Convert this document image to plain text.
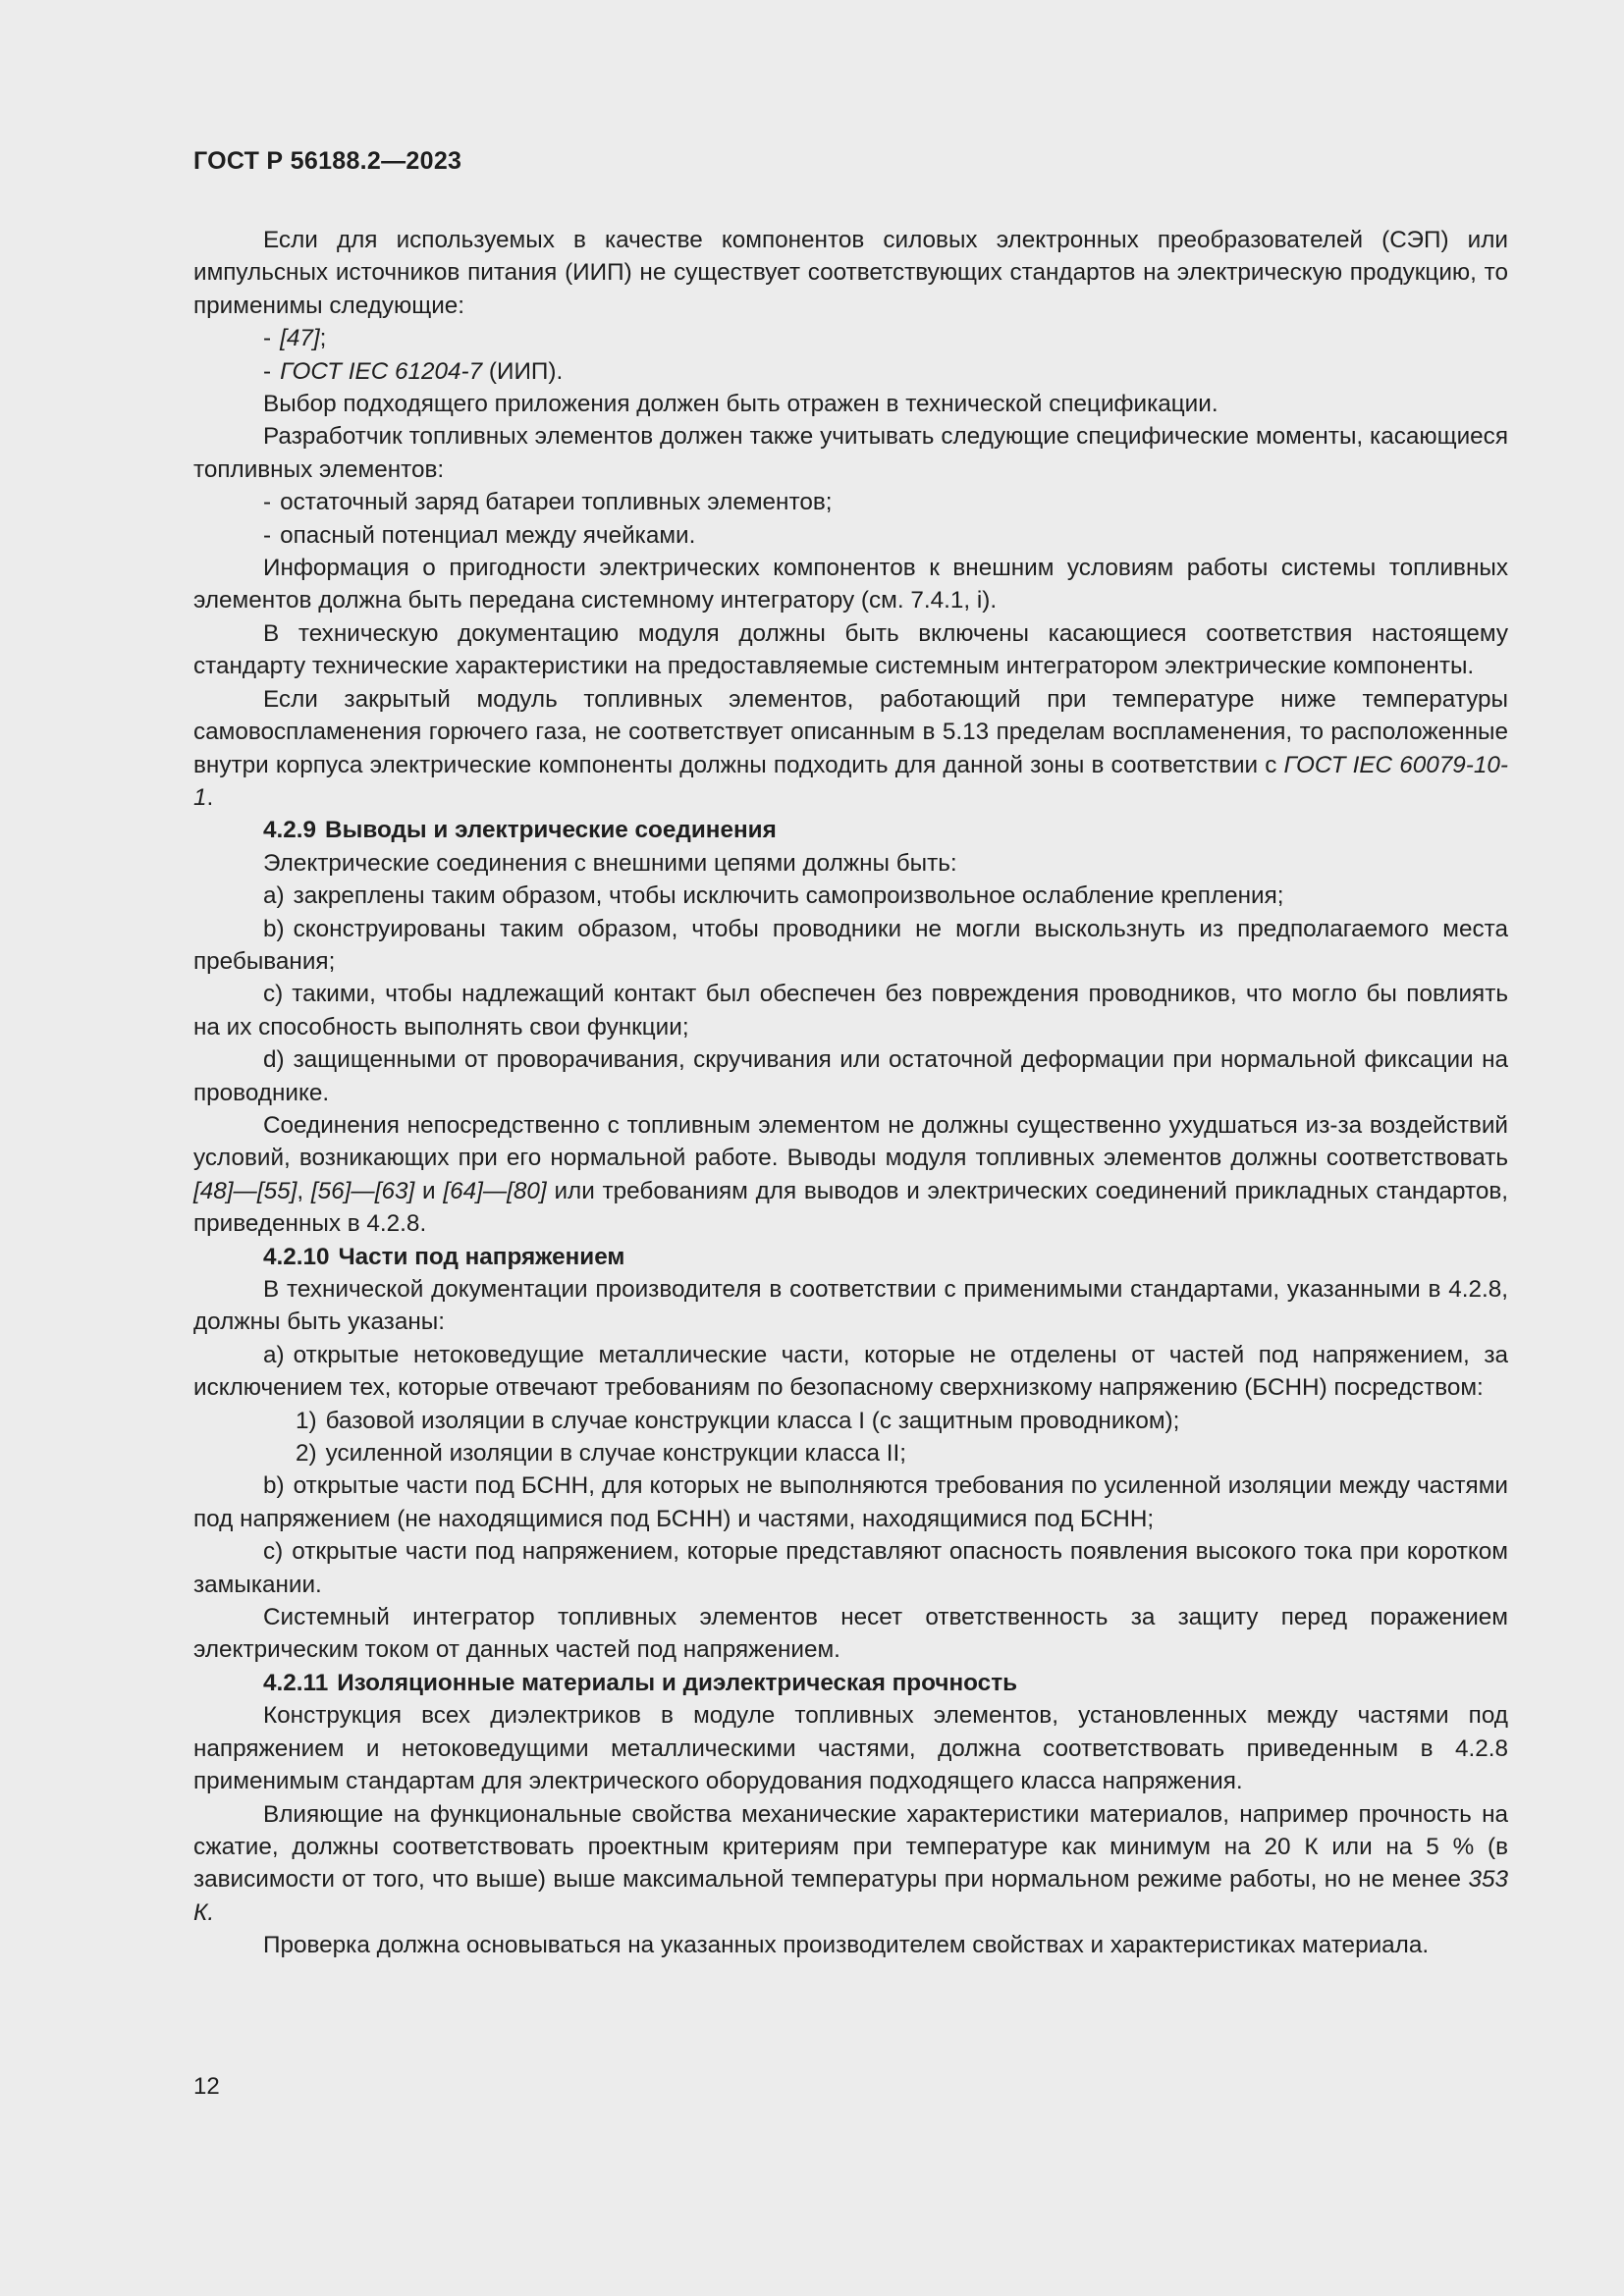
ГОСТ Р 56188.2—2023

Если для используемых в качестве компонентов силовых электронных преобразователей (СЭП) или импульсных источников питания (ИИП) не существует соответствующих стандартов на электрическую продукцию, то применимы следующие:

- [47];

- ГОСТ IEC 61204-7 (ИИП).

Выбор подходящего приложения должен быть отражен в технической спецификации.

Разработчик топливных элементов должен также учитывать следующие специфические моменты, касающиеся топливных элементов:

- остаточный заряд батареи топливных элементов;

- опасный потенциал между ячейками.

Информация о пригодности электрических компонентов к внешним условиям работы системы топливных элементов должна быть передана системному интегратору (см. 7.4.1, i).

В техническую документацию модуля должны быть включены касающиеся соответствия настоящему стандарту технические характеристики на предоставляемые системным интегратором электрические компоненты.

Если закрытый модуль топливных элементов, работающий при температуре ниже температуры самовоспламенения горючего газа, не соответствует описанным в 5.13 пределам воспламенения, то расположенные внутри корпуса электрические компоненты должны подходить для данной зоны в соответствии с ГОСТ IEC 60079-10-1.

4.2.9 Выводы и электрические соединения

Электрические соединения с внешними цепями должны быть:

a) закреплены таким образом, чтобы исключить самопроизвольное ослабление крепления;

b) сконструированы таким образом, чтобы проводники не могли выскользнуть из предполагаемого места пребывания;

c) такими, чтобы надлежащий контакт был обеспечен без повреждения проводников, что могло бы повлиять на их способность выполнять свои функции;

d) защищенными от проворачивания, скручивания или остаточной деформации при нормальной фиксации на проводнике.

Соединения непосредственно с топливным элементом не должны существенно ухудшаться из-за воздействий условий, возникающих при его нормальной работе. Выводы модуля топливных элементов должны соответствовать [48]—[55], [56]—[63] и [64]—[80] или требованиям для выводов и электрических соединений прикладных стандартов, приведенных в 4.2.8.

4.2.10 Части под напряжением

В технической документации производителя в соответствии с применимыми стандартами, указанными в 4.2.8, должны быть указаны:

a) открытые нетоковедущие металлические части, которые не отделены от частей под напряжением, за исключением тех, которые отвечают требованиям по безопасному сверхнизкому напряжению (БСНН) посредством:

1) базовой изоляции в случае конструкции класса I (с защитным проводником);

2) усиленной изоляции в случае конструкции класса II;

b) открытые части под БСНН, для которых не выполняются требования по усиленной изоляции между частями под напряжением (не находящимися под БСНН) и частями, находящимися под БСНН;

c) открытые части под напряжением, которые представляют опасность появления высокого тока при коротком замыкании.

Системный интегратор топливных элементов несет ответственность за защиту перед поражением электрическим током от данных частей под напряжением.

4.2.11 Изоляционные материалы и диэлектрическая прочность

Конструкция всех диэлектриков в модуле топливных элементов, установленных между частями под напряжением и нетоковедущими металлическими частями, должна соответствовать приведенным в 4.2.8 применимым стандартам для электрического оборудования подходящего класса напряжения.

Влияющие на функциональные свойства механические характеристики материалов, например прочность на сжатие, должны соответствовать проектным критериям при температуре как минимум на 20 К или на 5 % (в зависимости от того, что выше) выше максимальной температуры при нормальном режиме работы, но не менее 353 К.

Проверка должна основываться на указанных производителем свойствах и характеристиках материала.

12
